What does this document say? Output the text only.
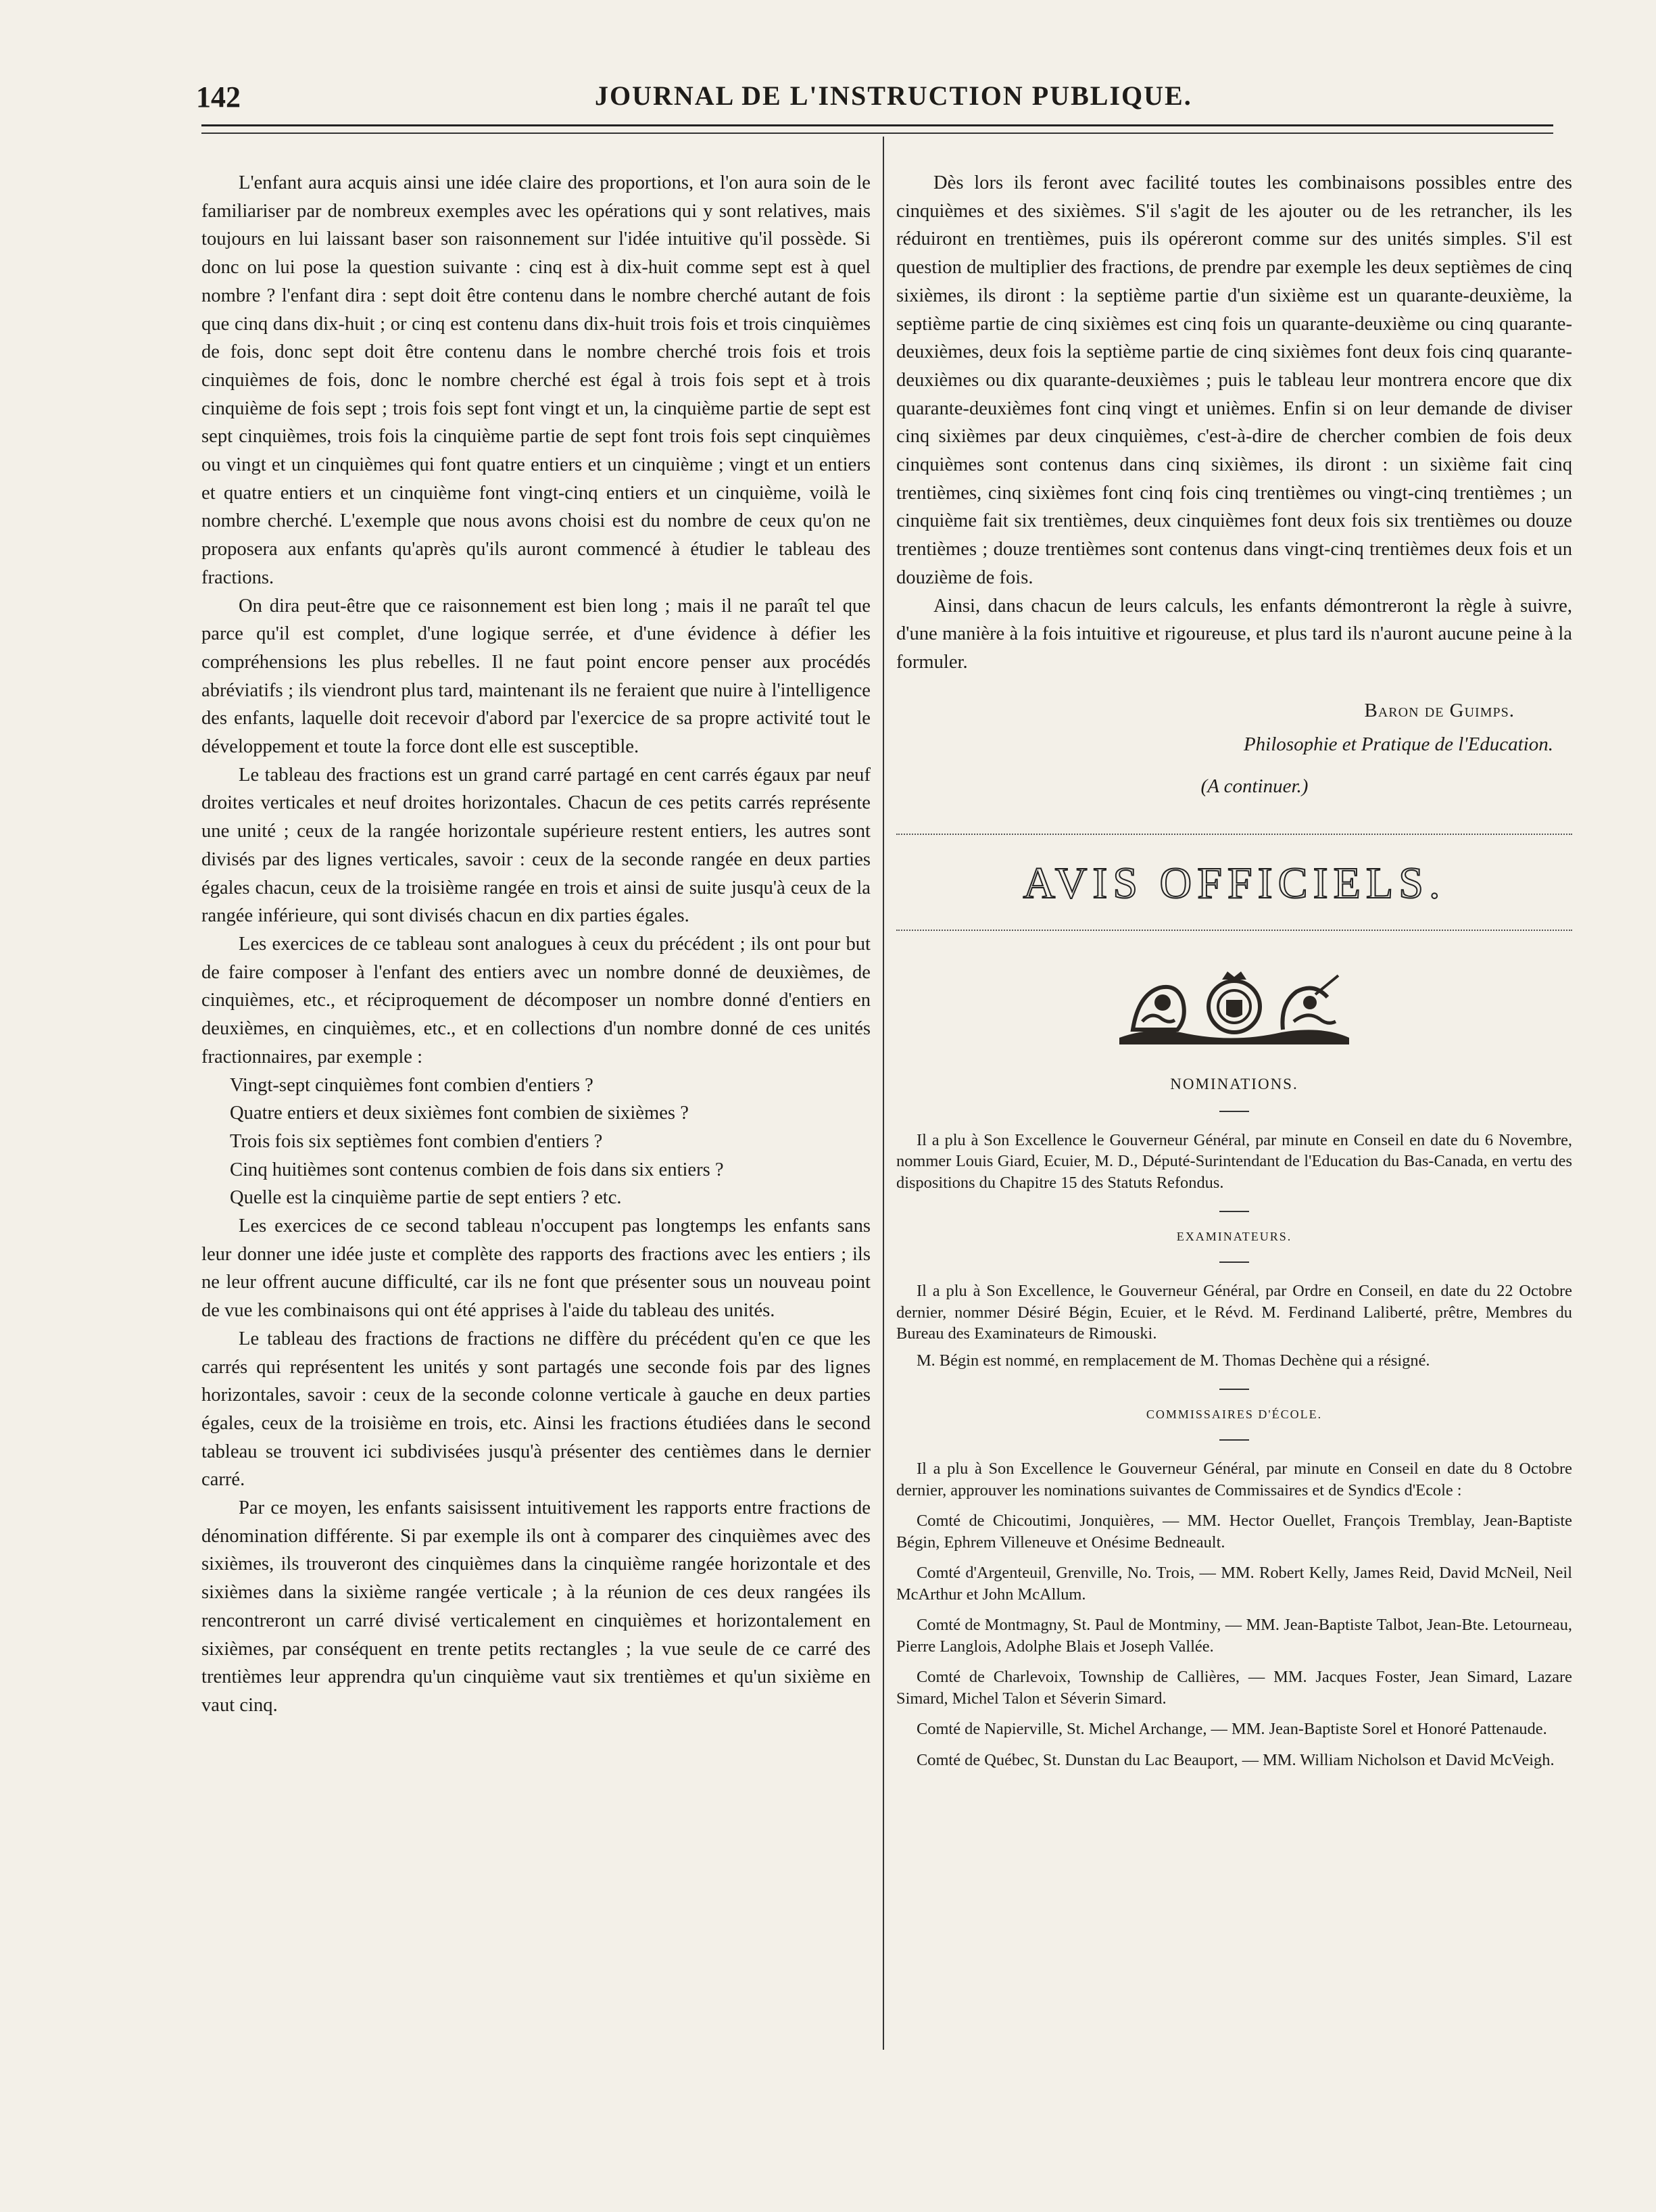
142	JOURNAL DE L'INSTRUCTION PUBLIQUE.

L'enfant aura acquis ainsi une idée claire des proportions, et l'on aura soin de le familiariser par de nombreux exemples avec les opérations qui y sont relatives, mais toujours en lui laissant baser son raisonnement sur l'idée intuitive qu'il possède. Si donc on lui pose la question suivante : cinq est à dix-huit comme sept est à quel nombre ? l'enfant dira : sept doit être contenu dans le nombre cherché autant de fois que cinq dans dix-huit ; or cinq est contenu dans dix-huit trois fois et trois cinquièmes de fois, donc sept doit être contenu dans le nombre cherché trois fois et trois cinquièmes de fois, donc le nombre cherché est égal à trois fois sept et à trois cinquième de fois sept ; trois fois sept font vingt et un, la cinquième partie de sept est sept cinquièmes, trois fois la cinquième partie de sept font trois fois sept cinquièmes ou vingt et un cinquièmes qui font quatre entiers et un cinquième ; vingt et un entiers et quatre entiers et un cinquième font vingt-cinq entiers et un cinquième, voilà le nombre cherché. L'exemple que nous avons choisi est du nombre de ceux qu'on ne proposera aux enfants qu'après qu'ils auront commencé à étudier le tableau des fractions.

On dira peut-être que ce raisonnement est bien long ; mais il ne paraît tel que parce qu'il est complet, d'une logique serrée, et d'une évidence à défier les compréhensions les plus rebelles. Il ne faut point encore penser aux procédés abréviatifs ; ils viendront plus tard, maintenant ils ne feraient que nuire à l'intelligence des enfants, laquelle doit recevoir d'abord par l'exercice de sa propre activité tout le développement et toute la force dont elle est susceptible.

Le tableau des fractions est un grand carré partagé en cent carrés égaux par neuf droites verticales et neuf droites horizontales. Chacun de ces petits carrés représente une unité ; ceux de la rangée horizontale supérieure restent entiers, les autres sont divisés par des lignes verticales, savoir : ceux de la seconde rangée en deux parties égales chacun, ceux de la troisième rangée en trois et ainsi de suite jusqu'à ceux de la rangée inférieure, qui sont divisés chacun en dix parties égales.

Les exercices de ce tableau sont analogues à ceux du précédent ; ils ont pour but de faire composer à l'enfant des entiers avec un nombre donné de deuxièmes, de cinquièmes, etc., et réciproquement de décomposer un nombre donné d'entiers en deuxièmes, en cinquièmes, etc., et en collections d'un nombre donné de ces unités fractionnaires, par exemple :

Vingt-sept cinquièmes font combien d'entiers ?

Quatre entiers et deux sixièmes font combien de sixièmes ?

Trois fois six septièmes font combien d'entiers ?

Cinq huitièmes sont contenus combien de fois dans six entiers ?

Quelle est la cinquième partie de sept entiers ? etc.

Les exercices de ce second tableau n'occupent pas longtemps les enfants sans leur donner une idée juste et complète des rapports des fractions avec les entiers ; ils ne leur offrent aucune difficulté, car ils ne font que présenter sous un nouveau point de vue les combinaisons qui ont été apprises à l'aide du tableau des unités.

Le tableau des fractions de fractions ne diffère du précédent qu'en ce que les carrés qui représentent les unités y sont partagés une seconde fois par des lignes horizontales, savoir : ceux de la seconde colonne verticale à gauche en deux parties égales, ceux de la troisième en trois, etc. Ainsi les fractions étudiées dans le second tableau se trouvent ici subdivisées jusqu'à présenter des centièmes dans le dernier carré.

Par ce moyen, les enfants saisissent intuitivement les rapports entre fractions de dénomination différente. Si par exemple ils ont à comparer des cinquièmes avec des sixièmes, ils trouveront des cinquièmes dans la cinquième rangée horizontale et des sixièmes dans la sixième rangée verticale ; à la réunion de ces deux rangées ils rencontreront un carré divisé verticalement en cinquièmes et horizontalement en sixièmes, par conséquent en trente petits rectangles ; la vue seule de ce carré des trentièmes leur apprendra qu'un cinquième vaut six trentièmes et qu'un sixième en vaut cinq.

Dès lors ils feront avec facilité toutes les combinaisons possibles entre des cinquièmes et des sixièmes. S'il s'agit de les ajouter ou de les retrancher, ils les réduiront en trentièmes, puis ils opéreront comme sur des unités simples. S'il est question de multiplier des fractions, de prendre par exemple les deux septièmes de cinq sixièmes, ils diront : la septième partie d'un sixième est un quarante-deuxième, la septième partie de cinq sixièmes est cinq fois un quarante-deuxième ou cinq quarante-deuxièmes, deux fois la septième partie de cinq sixièmes font deux fois cinq quarante-deuxièmes ou dix quarante-deuxièmes ; puis le tableau leur montrera encore que dix quarante-deuxièmes font cinq vingt et unièmes. Enfin si on leur demande de diviser cinq sixièmes par deux cinquièmes, c'est-à-dire de chercher combien de fois deux cinquièmes sont contenus dans cinq sixièmes, ils diront : un sixième fait cinq trentièmes, cinq sixièmes font cinq fois cinq trentièmes ou vingt-cinq trentièmes ; un cinquième fait six trentièmes, deux cinquièmes font deux fois six trentièmes ou douze trentièmes ; douze trentièmes sont contenus dans vingt-cinq trentièmes deux fois et un douzième de fois.

Ainsi, dans chacun de leurs calculs, les enfants démontreront la règle à suivre, d'une manière à la fois intuitive et rigoureuse, et plus tard ils n'auront aucune peine à la formuler.

Baron de Guimps.

Philosophie et Pratique de l'Education.

(A continuer.)

AVIS OFFICIELS.
NOMINATIONS.

Il a plu à Son Excellence le Gouverneur Général, par minute en Conseil en date du 6 Novembre, nommer Louis Giard, Ecuier, M. D., Député-Surintendant de l'Education du Bas-Canada, en vertu des dispositions du Chapitre 15 des Statuts Refondus.

EXAMINATEURS.

Il a plu à Son Excellence, le Gouverneur Général, par Ordre en Conseil, en date du 22 Octobre dernier, nommer Désiré Bégin, Ecuier, et le Révd. M. Ferdinand Laliberté, prêtre, Membres du Bureau des Examinateurs de Rimouski.

M. Bégin est nommé, en remplacement de M. Thomas Dechène qui a résigné.

COMMISSAIRES D'ÉCOLE.

Il a plu à Son Excellence le Gouverneur Général, par minute en Conseil en date du 8 Octobre dernier, approuver les nominations suivantes de Commissaires et de Syndics d'Ecole :

Comté de Chicoutimi, Jonquières, — MM. Hector Ouellet, François Tremblay, Jean-Baptiste Bégin, Ephrem Villeneuve et Onésime Bedneault.

Comté d'Argenteuil, Grenville, No. Trois, — MM. Robert Kelly, James Reid, David McNeil, Neil McArthur et John McAllum.

Comté de Montmagny, St. Paul de Montminy, — MM. Jean-Baptiste Talbot, Jean-Bte. Letourneau, Pierre Langlois, Adolphe Blais et Joseph Vallée.

Comté de Charlevoix, Township de Callières, — MM. Jacques Foster, Jean Simard, Lazare Simard, Michel Talon et Séverin Simard.

Comté de Napierville, St. Michel Archange, — MM. Jean-Baptiste Sorel et Honoré Pattenaude.

Comté de Québec, St. Dunstan du Lac Beauport, — MM. William Nicholson et David McVeigh.
